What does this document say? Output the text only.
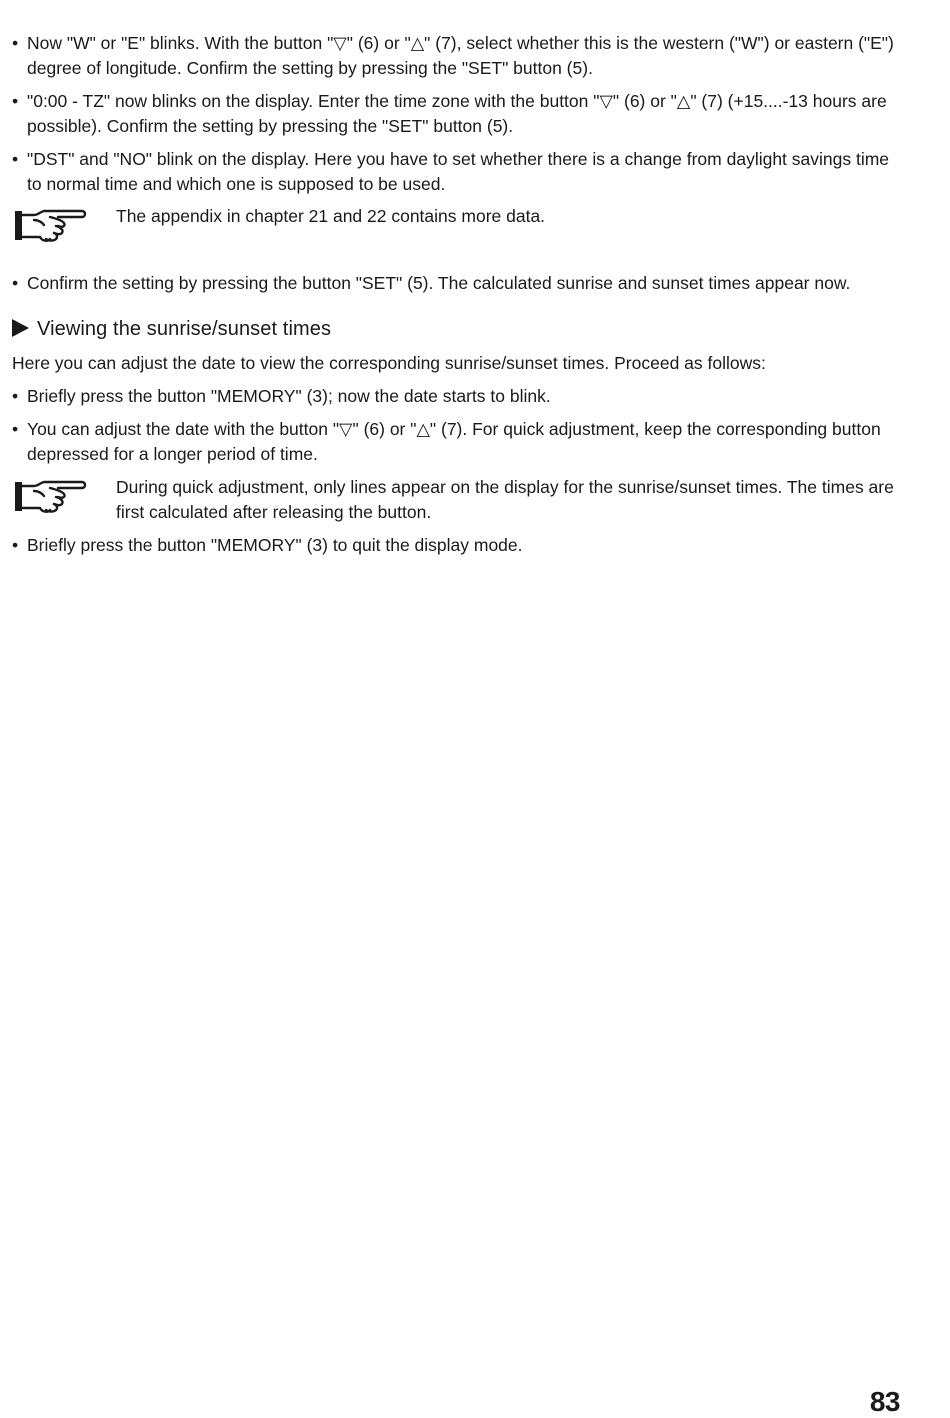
• Now "W" or "E" blinks. With the button "▽" (6) or "△" (7), select whether this is the western ("W") or eastern ("E")
degree of longitude. Confirm the setting by pressing the "SET" button (5).
• "0:00 - TZ" now blinks on the display. Enter the time zone with the button "▽" (6) or "△" (7) (+15....-13 hours are
possible). Confirm the setting by pressing the "SET" button (5).
• "DST" and "NO" blink on the display. Here you have to set whether there is a change from daylight savings time
to normal time and which one is supposed to be used.
The appendix in chapter 21 and 22 contains more data.
• Confirm the setting by pressing the button "SET" (5). The calculated sunrise and sunset times appear now.
Viewing the sunrise/sunset times
Here you can adjust the date to view the corresponding sunrise/sunset times. Proceed as follows:
• Briefly press the button "MEMORY" (3); now the date starts to blink.
• You can adjust the date with the button "▽" (6) or "△" (7). For quick adjustment, keep the corresponding button
depressed for a longer period of time.
During quick adjustment, only lines appear on the display for the sunrise/sunset times. The times are
first calculated after releasing the button.
• Briefly press the button "MEMORY" (3) to quit the display mode.
83
